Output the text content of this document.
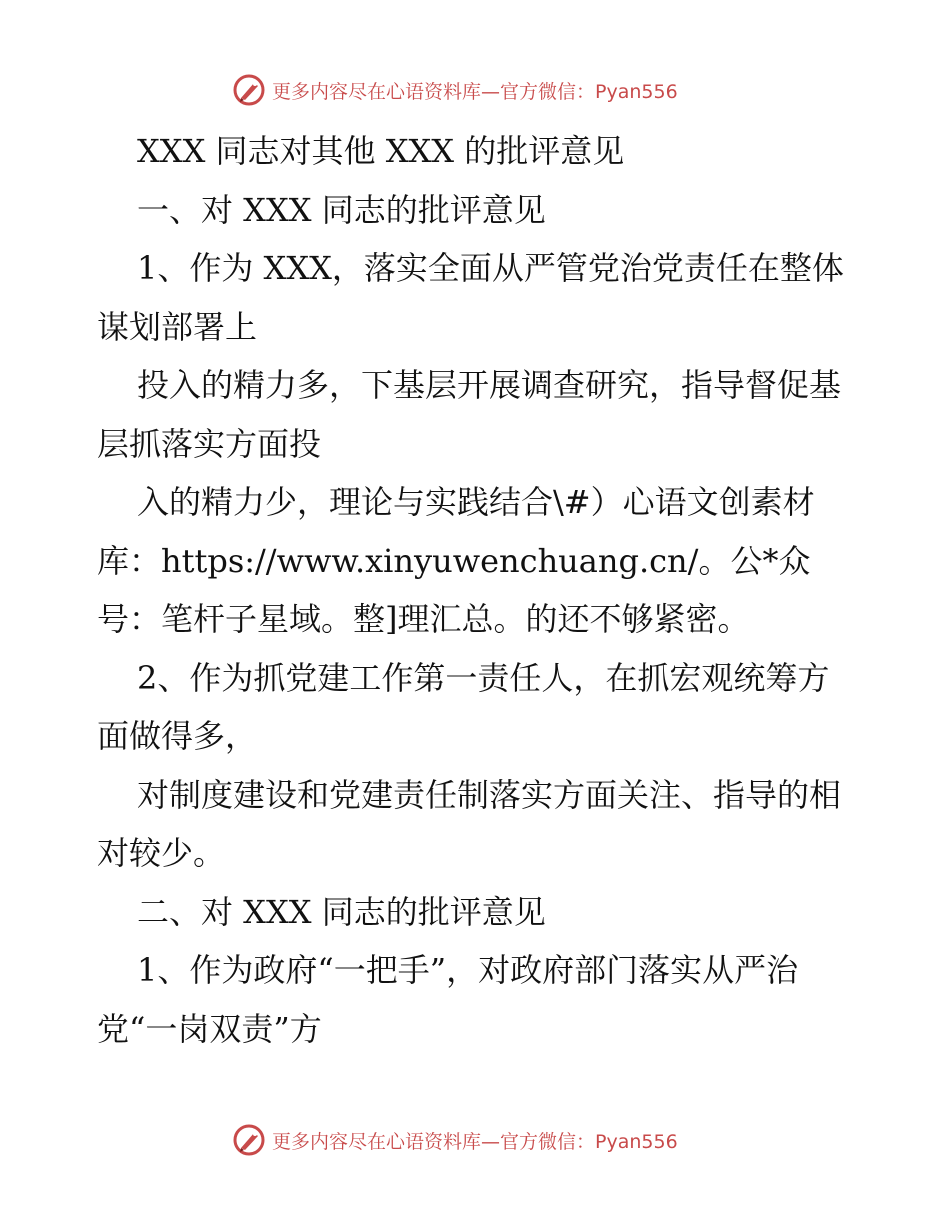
更多内容尽在心语资料库—官方微信：Pyan556

XXX 同志对其他 XXX 的批评意见

一、对 XXX 同志的批评意见

1、作为 XXX，落实全面从严管党治党责任在整体谋划部署上

投入的精力多，下基层开展调查研究，指导督促基层抓落实方面投

入的精力少，理论与实践结合\#）心语文创素材库：https://www.xinyuwenchuang.cn/。公*众号：笔杆子星域。整]理汇总。的还不够紧密。

2、作为抓党建工作第一责任人，在抓宏观统筹方面做得多，

对制度建设和党建责任制落实方面关注、指导的相对较少。

二、对 XXX 同志的批评意见

1、作为政府“一把手”，对政府部门落实从严治党“一岗双责”方

更多内容尽在心语资料库—官方微信：Pyan556
